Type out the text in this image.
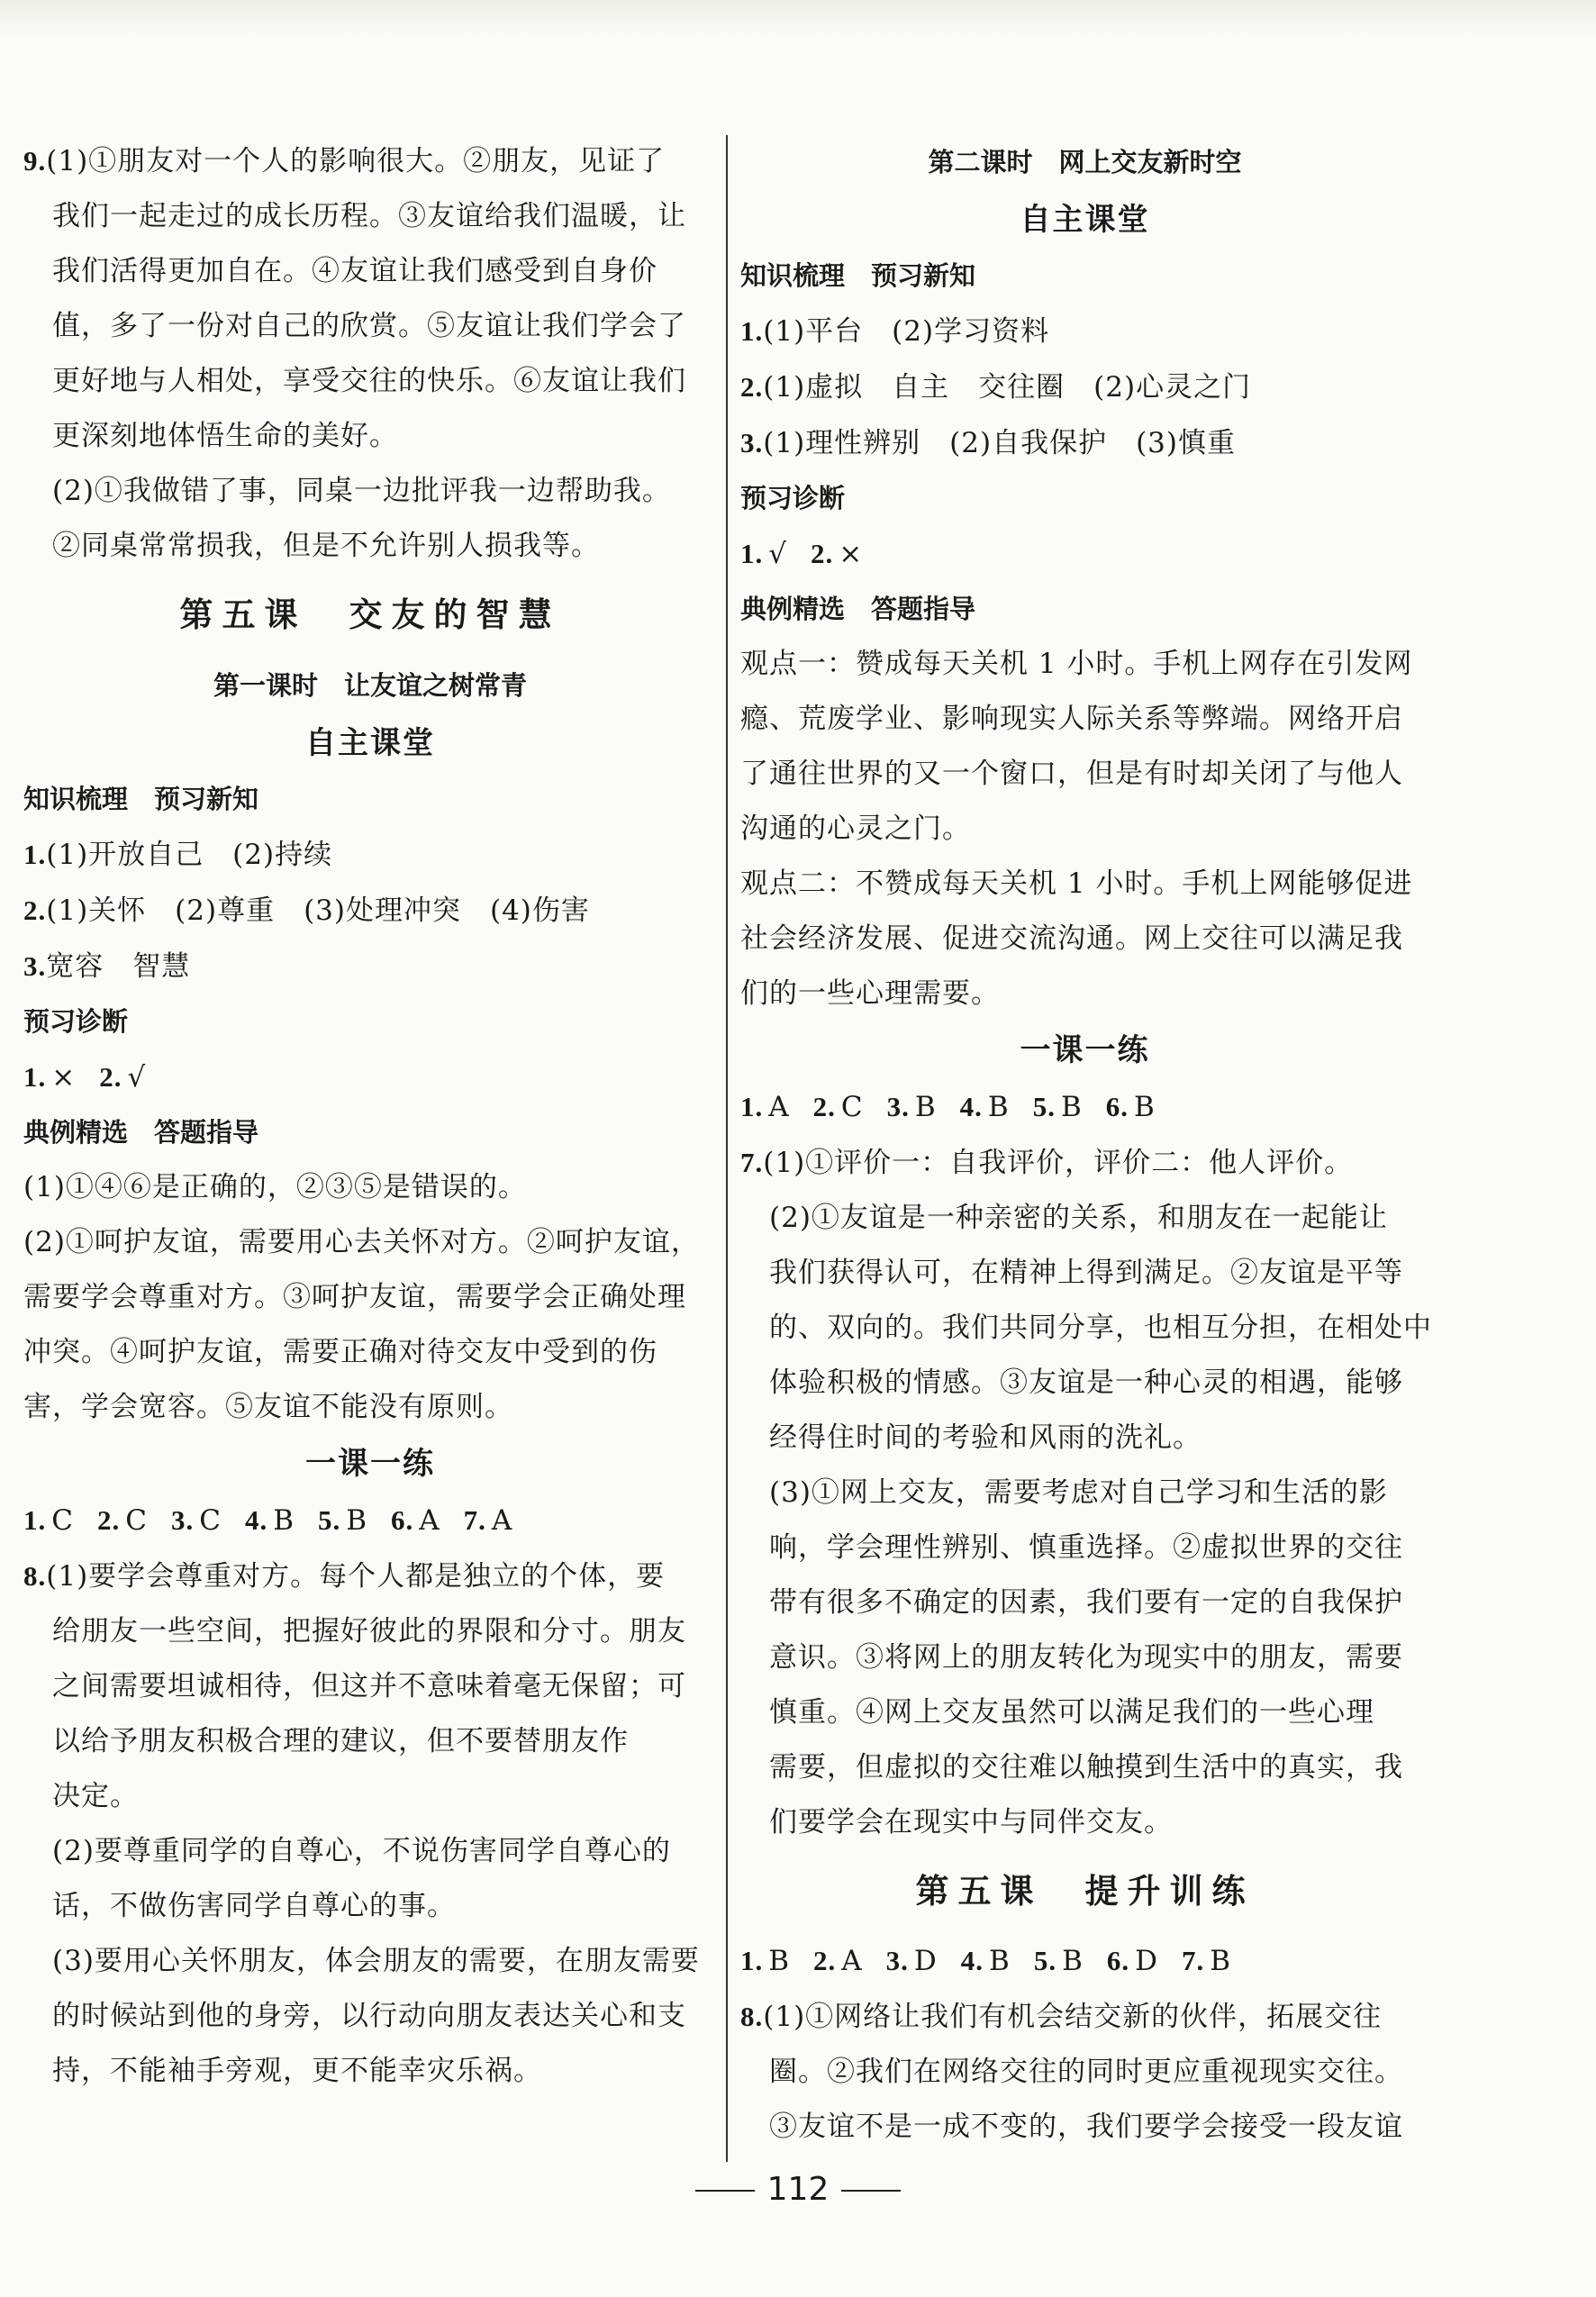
9.(1)①朋友对一个人的影响很大。②朋友，见证了
我们一起走过的成长历程。③友谊给我们温暖，让
我们活得更加自在。④友谊让我们感受到自身价
值，多了一份对自己的欣赏。⑤友谊让我们学会了
更好地与人相处，享受交往的快乐。⑥友谊让我们
更深刻地体悟生命的美好。
(2)①我做错了事，同桌一边批评我一边帮助我。
②同桌常常损我，但是不允许别人损我等。
第五课　交友的智慧
第一课时　让友谊之树常青
自主课堂
知识梳理　预习新知
1.(1)开放自己　(2)持续
2.(1)关怀　(2)尊重　(3)处理冲突　(4)伤害
3.宽容　智慧
预习诊断
1. × 2. √
典例精选　答题指导
(1)①④⑥是正确的，②③⑤是错误的。
(2)①呵护友谊，需要用心去关怀对方。②呵护友谊，
需要学会尊重对方。③呵护友谊，需要学会正确处理
冲突。④呵护友谊，需要正确对待交友中受到的伤
害，学会宽容。⑤友谊不能没有原则。
一课一练
1. C 2. C 3. C 4. B 5. B 6. A 7. A
8.(1)要学会尊重对方。每个人都是独立的个体，要
给朋友一些空间，把握好彼此的界限和分寸。朋友
之间需要坦诚相待，但这并不意味着毫无保留；可
以给予朋友积极合理的建议，但不要替朋友作
决定。
(2)要尊重同学的自尊心，不说伤害同学自尊心的
话，不做伤害同学自尊心的事。
(3)要用心关怀朋友，体会朋友的需要，在朋友需要
的时候站到他的身旁，以行动向朋友表达关心和支
持，不能袖手旁观，更不能幸灾乐祸。
第二课时　网上交友新时空
自主课堂
知识梳理　预习新知
1.(1)平台　(2)学习资料
2.(1)虚拟　自主　交往圈　(2)心灵之门
3.(1)理性辨别　(2)自我保护　(3)慎重
预习诊断
1. √ 2. ×
典例精选　答题指导
观点一：赞成每天关机 1 小时。手机上网存在引发网
瘾、荒废学业、影响现实人际关系等弊端。网络开启
了通往世界的又一个窗口，但是有时却关闭了与他人
沟通的心灵之门。
观点二：不赞成每天关机 1 小时。手机上网能够促进
社会经济发展、促进交流沟通。网上交往可以满足我
们的一些心理需要。
一课一练
1. A 2. C 3. B 4. B 5. B 6. B
7.(1)①评价一：自我评价，评价二：他人评价。
(2)①友谊是一种亲密的关系，和朋友在一起能让
我们获得认可，在精神上得到满足。②友谊是平等
的、双向的。我们共同分享，也相互分担，在相处中
体验积极的情感。③友谊是一种心灵的相遇，能够
经得住时间的考验和风雨的洗礼。
(3)①网上交友，需要考虑对自己学习和生活的影
响，学会理性辨别、慎重选择。②虚拟世界的交往
带有很多不确定的因素，我们要有一定的自我保护
意识。③将网上的朋友转化为现实中的朋友，需要
慎重。④网上交友虽然可以满足我们的一些心理
需要，但虚拟的交往难以触摸到生活中的真实，我
们要学会在现实中与同伴交友。
第五课　提升训练
1. B 2. A 3. D 4. B 5. B 6. D 7. B
8.(1)①网络让我们有机会结交新的伙伴，拓展交往
圈。②我们在网络交往的同时更应重视现实交往。
③友谊不是一成不变的，我们要学会接受一段友谊
112
